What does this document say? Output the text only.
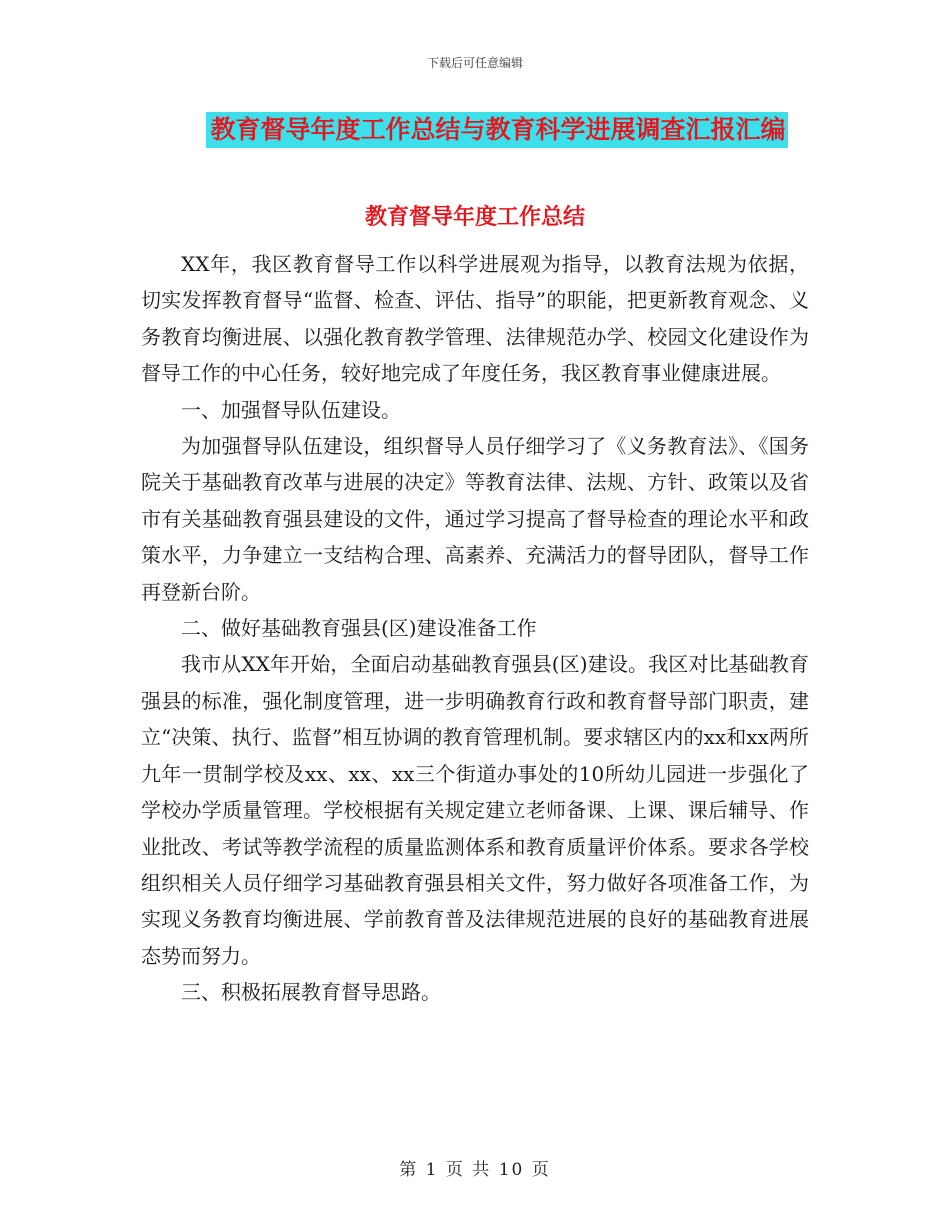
下载后可任意编辑
教育督导年度工作总结与教育科学进展调查汇报汇编
教育督导年度工作总结

XX年，我区教育督导工作以科学进展观为指导，以教育法规为依据，切实发挥教育督导“监督、检查、评估、指导”的职能，把更新教育观念、义务教育均衡进展、以强化教育教学管理、法律规范办学、校园文化建设作为督导工作的中心任务，较好地完成了年度任务，我区教育事业健康进展。

一、加强督导队伍建设。

为加强督导队伍建设，组织督导人员仔细学习了《义务教育法》、《国务院关于基础教育改革与进展的决定》等教育法律、法规、方针、政策以及省市有关基础教育强县建设的文件，通过学习提高了督导检查的理论水平和政策水平，力争建立一支结构合理、高素养、充满活力的督导团队，督导工作再登新台阶。

二、做好基础教育强县(区)建设准备工作

我市从XX年开始，全面启动基础教育强县(区)建设。我区对比基础教育强县的标准，强化制度管理，进一步明确教育行政和教育督导部门职责，建立“决策、执行、监督”相互协调的教育管理机制。要求辖区内的xx和xx两所九年一贯制学校及xx、xx、xx三个街道办事处的10所幼儿园进一步强化了学校办学质量管理。学校根据有关规定建立老师备课、上课、课后辅导、作业批改、考试等教学流程的质量监测体系和教育质量评价体系。要求各学校组织相关人员仔细学习基础教育强县相关文件，努力做好各项准备工作，为实现义务教育均衡进展、学前教育普及法律规范进展的良好的基础教育进展态势而努力。

三、积极拓展教育督导思路。

第 1 页 共 10 页
